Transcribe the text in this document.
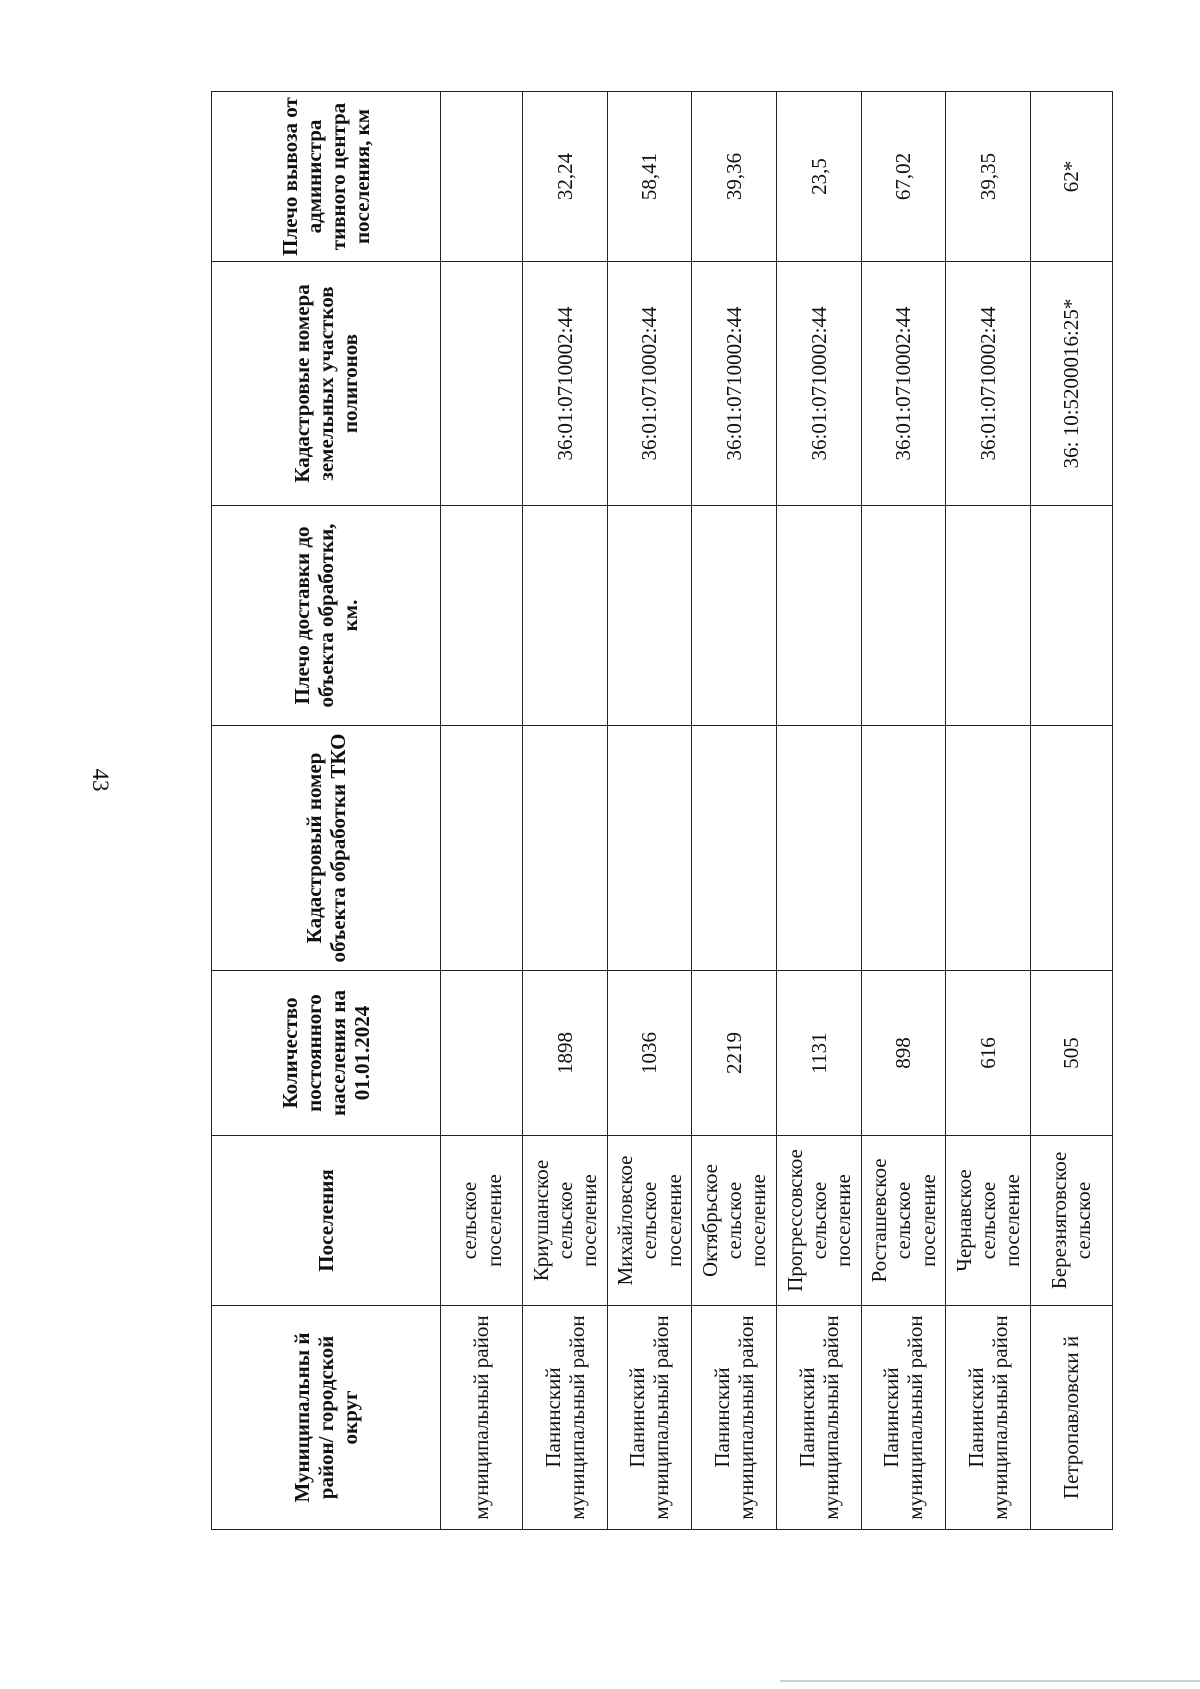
43
Муниципальны й район/ городской округ	Поселения	Количество постоянного населения на 01.01.2024	Кадастровый номер объекта обработки ТКО	Плечо доставки до объекта обработки, км.	Кадастровые номера земельных участков полигонов	Плечо вывоза от администра тивного центра поселения, км
муниципальный район	сельское поселение					
Панинский муниципальный район	Криушанское сельское поселение	1898			36:01:0710002:44	32,24
Панинский муниципальный район	Михайловское сельское поселение	1036			36:01:0710002:44	58,41
Панинский муниципальный район	Октябрьское сельское поселение	2219			36:01:0710002:44	39,36
Панинский муниципальный район	Прогрессовское сельское поселение	1131			36:01:0710002:44	23,5
Панинский муниципальный район	Росташевское сельское поселение	898			36:01:0710002:44	67,02
Панинский муниципальный район	Чернавское сельское поселение	616			36:01:0710002:44	39,35
Петропавловски й	Березняговское сельское	505			36: 10:5200016:25*	62*
